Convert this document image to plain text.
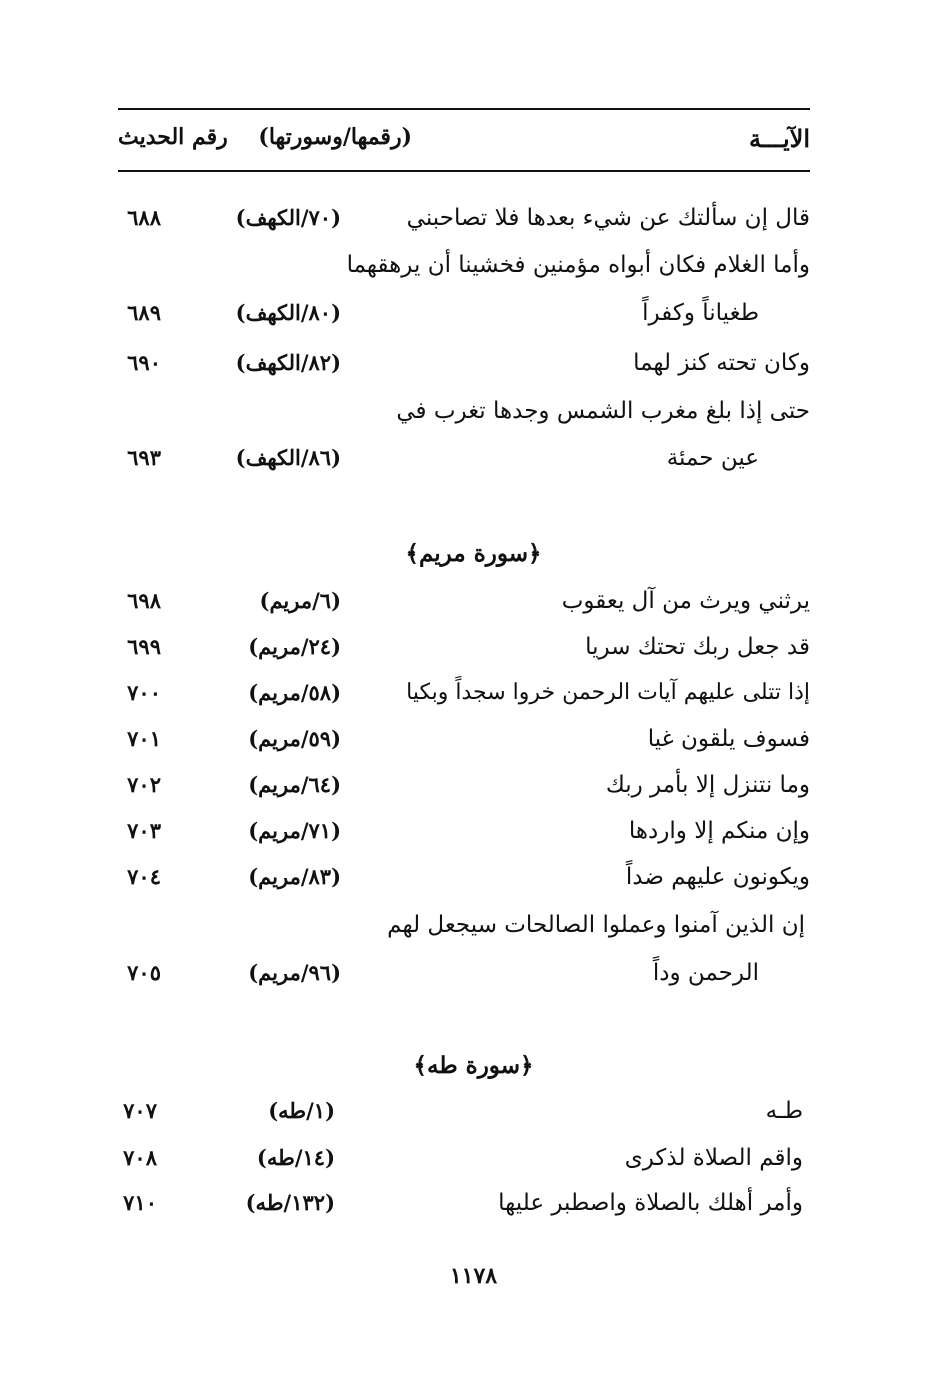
الآيـــة
(رقمها/وسورتها)
رقم الحديث
قال إن سألتك عن شيء بعدها فلا تصاحبني
(٧٠/الكهف)
٦٨٨
وأما الغلام فكان أبواه مؤمنين فخشينا أن يرهقهما
طغياناً وكفراً
(٨٠/الكهف)
٦٨٩
وكان تحته كنز لهما
(٨٢/الكهف)
٦٩٠
حتى إذا بلغ مغرب الشمس وجدها تغرب في
عين حمئة
(٨٦/الكهف)
٦٩٣
﴿سورة مريم﴾
يرثني ويرث من آل يعقوب
(٦/مريم)
٦٩٨
قد جعل ربك تحتك سريا
(٢٤/مريم)
٦٩٩
إذا تتلى عليهم آيات الرحمن خروا سجداً وبكيا
(٥٨/مريم)
٧٠٠
فسوف يلقون غيا
(٥٩/مريم)
٧٠١
وما نتنزل إلا بأمر ربك
(٦٤/مريم)
٧٠٢
وإن منكم إلا واردها
(٧١/مريم)
٧٠٣
ويكونون عليهم ضداً
(٨٣/مريم)
٧٠٤
إن الذين آمنوا وعملوا الصالحات سيجعل لهم
الرحمن وداً
(٩٦/مريم)
٧٠٥
﴿سورة طه﴾
طـه
(١/طه)
٧٠٧
واقم الصلاة لذكرى
(١٤/طه)
٧٠٨
وأمر أهلك بالصلاة واصطبر عليها
(١٣٢/طه)
٧١٠
١١٧٨
